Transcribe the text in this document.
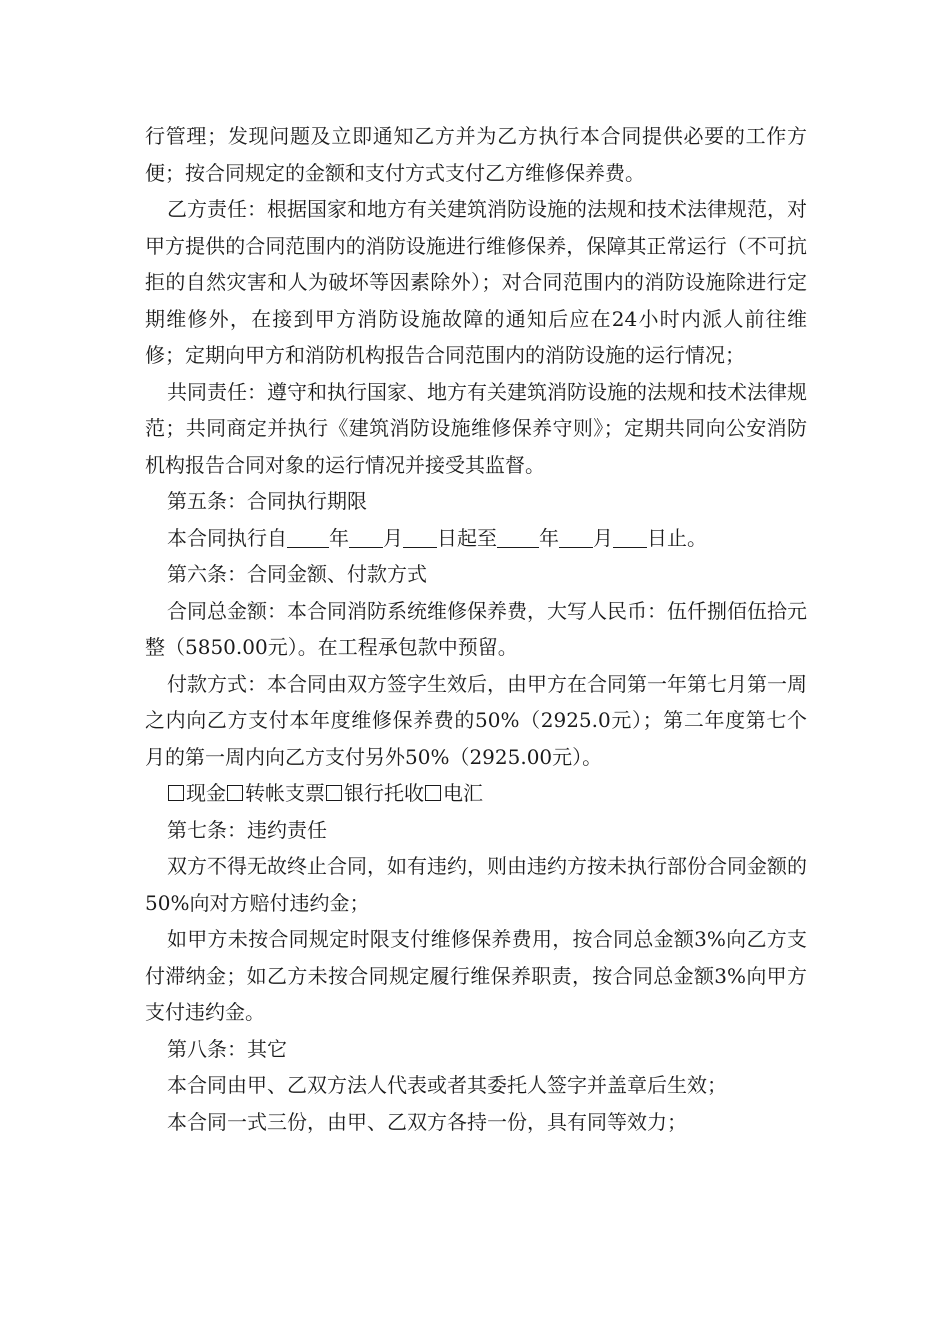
行管理；发现问题及立即通知乙方并为乙方执行本合同提供必要的工作方便；按合同规定的金额和支付方式支付乙方维修保养费。

乙方责任：根据国家和地方有关建筑消防设施的法规和技术法律规范，对甲方提供的合同范围内的消防设施进行维修保养，保障其正常运行（不可抗拒的自然灾害和人为破坏等因素除外）；对合同范围内的消防设施除进行定期维修外，在接到甲方消防设施故障的通知后应在24小时内派人前往维修；定期向甲方和消防机构报告合同范围内的消防设施的运行情况；

共同责任：遵守和执行国家、地方有关建筑消防设施的法规和技术法律规范；共同商定并执行《建筑消防设施维修保养守则》；定期共同向公安消防机构报告合同对象的运行情况并接受其监督。

第五条：合同执行期限

本合同执行自 年 月 日起至 年 月 日止。

第六条：合同金额、付款方式

合同总金额：本合同消防系统维修保养费，大写人民币：伍仟捌佰伍拾元整（5850.00元）。在工程承包款中预留。

付款方式：本合同由双方签字生效后，由甲方在合同第一年第七月第一周之内向乙方支付本年度维修保养费的50%（2925.0元）；第二年度第七个月的第一周内向乙方支付另外50%（2925.00元）。

现金 转帐支票 银行托收 电汇

第七条：违约责任

双方不得无故终止合同，如有违约，则由违约方按未执行部份合同金额的50%向对方赔付违约金；

如甲方未按合同规定时限支付维修保养费用，按合同总金额3%向乙方支付滞纳金；如乙方未按合同规定履行维保养职责，按合同总金额3%向甲方支付违约金。

第八条：其它

本合同由甲、乙双方法人代表或者其委托人签字并盖章后生效；

本合同一式三份，由甲、乙双方各持一份，具有同等效力；
